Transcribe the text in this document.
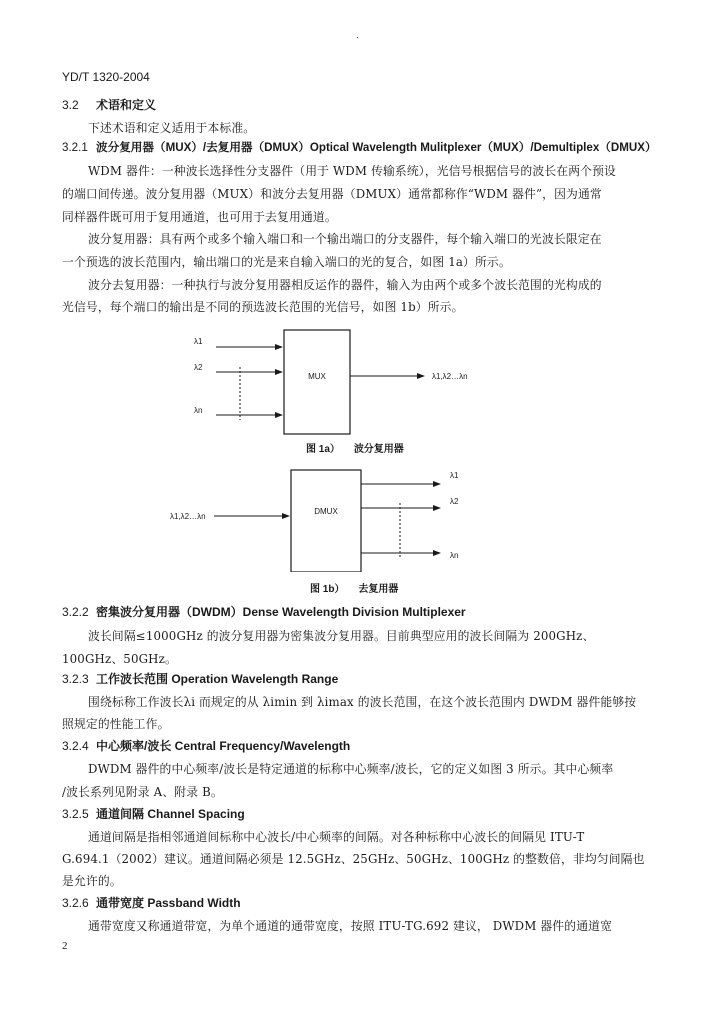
ˎ
YD/T 1320-2004
3.2 术语和定义
下述术语和定义适用于本标准。
3.2.1 波分复用器（MUX）/去复用器（DMUX）Optical Wavelength Mulitplexer（MUX）/Demultiplex（DMUX）
WDM 器件：一种波长选择性分支器件（用于 WDM 传输系统），光信号根据信号的波长在两个预设
的端口间传递。波分复用器（MUX）和波分去复用器（DMUX）通常都称作“WDM 器件”，因为通常
同样器件既可用于复用通道，也可用于去复用通道。
波分复用器：具有两个或多个输入端口和一个输出端口的分支器件，每个输入端口的光波长限定在
一个预选的波长范围内，输出端口的光是来自输入端口的光的复合，如图 1a）所示。
波分去复用器：一种执行与波分复用器相反运作的器件，输入为由两个或多个波长范围的光构成的
光信号，每个端口的输出是不同的预选波长范围的光信号，如图 1b）所示。
MUX
λ1
λ2
λn
λ1,λ2…λn
图 1a） 波分复用器
DMUX
λ1,λ2…λn
λ1
λ2
λn
图 1b） 去复用器
3.2.2 密集波分复用器（DWDM）Dense Wavelength Division Multiplexer
波长间隔≤1000GHz 的波分复用器为密集波分复用器。目前典型应用的波长间隔为 200GHz、
100GHz、50GHz。
3.2.3 工作波长范围 Operation Wavelength Range
围绕标称工作波长λi 而规定的从 λimin 到 λimax 的波长范围，在这个波长范围内 DWDM 器件能够按
照规定的性能工作。
3.2.4 中心频率/波长 Central Frequency/Wavelength
DWDM 器件的中心频率/波长是特定通道的标称中心频率/波长，它的定义如图 3 所示。其中心频率
/波长系列见附录 A、附录 B。
3.2.5 通道间隔 Channel Spacing
通道间隔是指相邻通道间标称中心波长/中心频率的间隔。对各种标称中心波长的间隔见 ITU-T
G.694.1（2002）建议。通道间隔必须是 12.5GHz、25GHz、50GHz、100GHz 的整数倍，非均匀间隔也
是允许的。
3.2.6 通带宽度 Passband Width
通带宽度又称通道带宽，为单个通道的通带宽度，按照 ITU-TG.692 建议， DWDM 器件的通道宽
2
